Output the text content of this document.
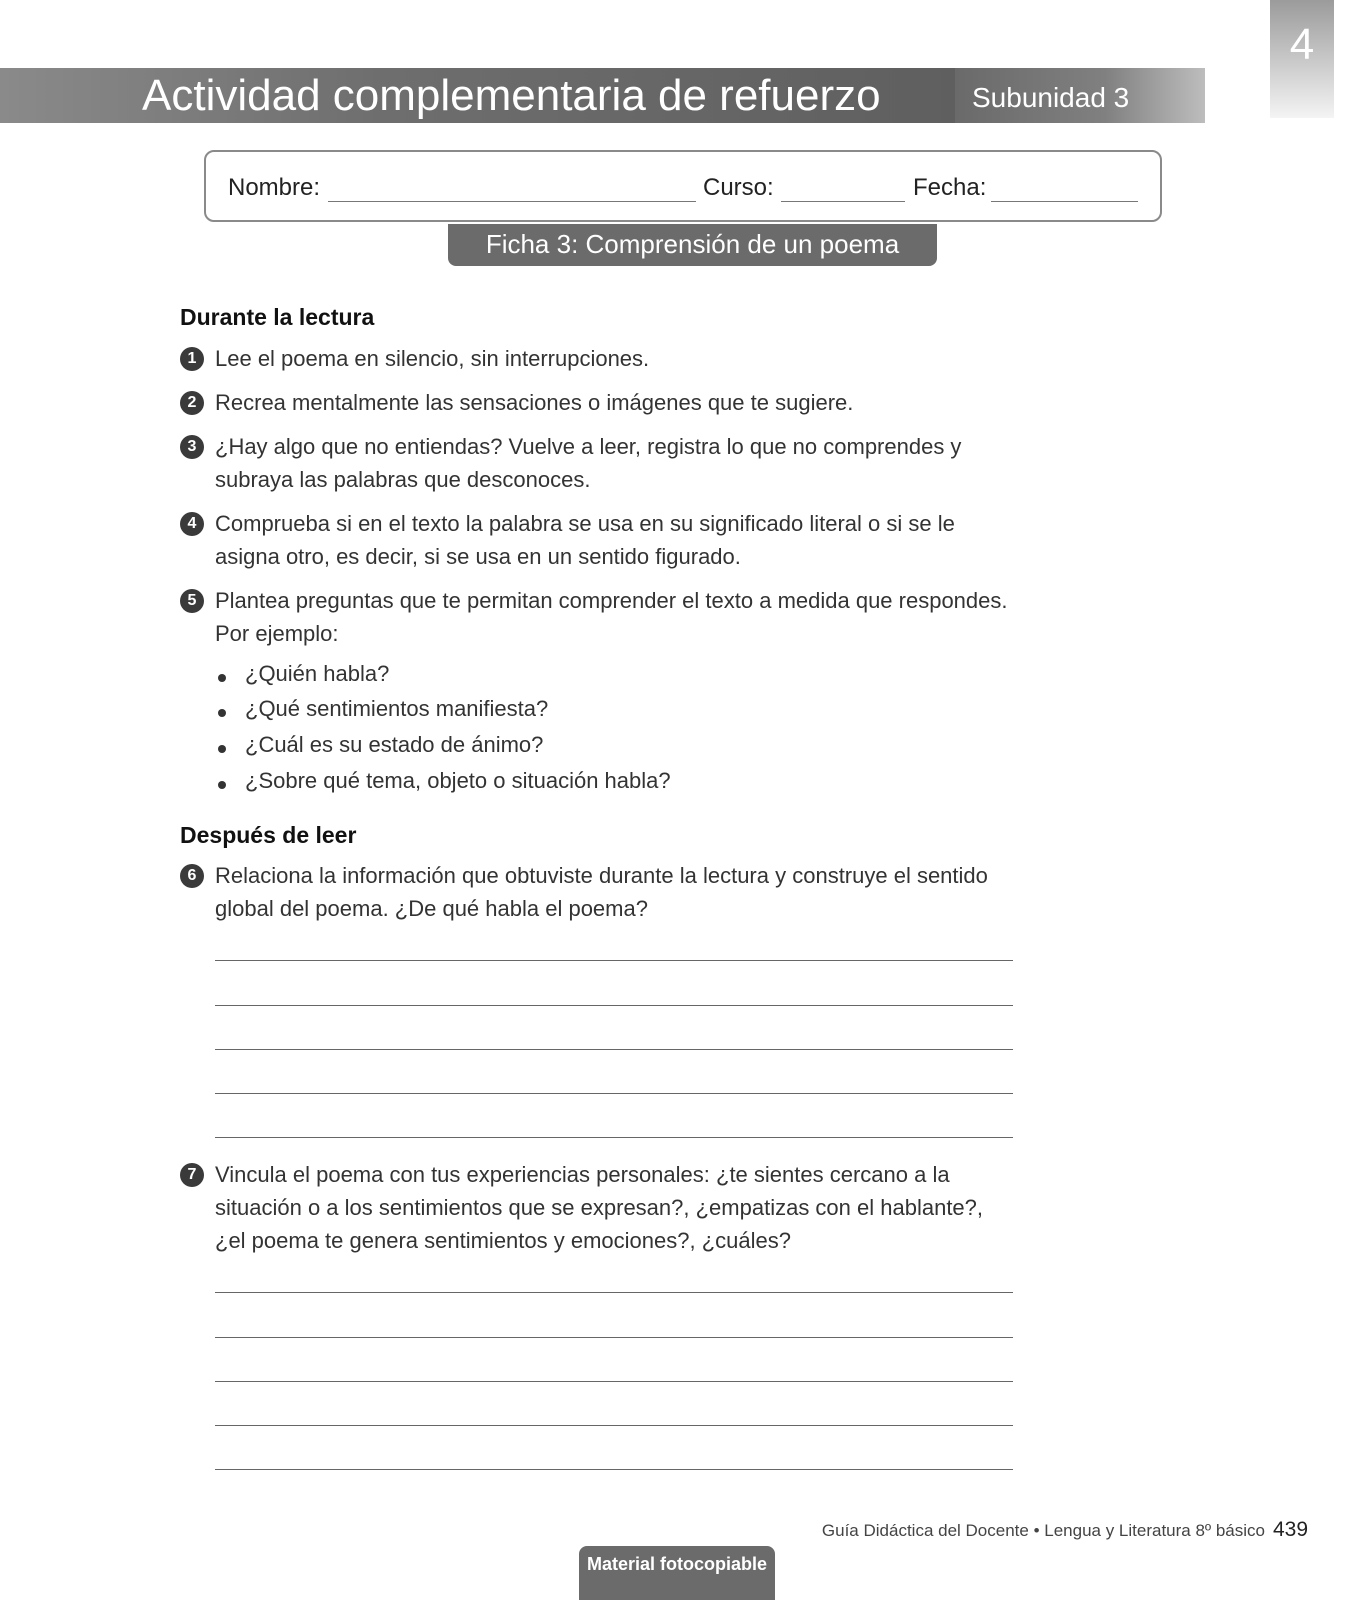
4
Actividad complementaria de refuerzo	Subunidad 3
Nombre:	Curso:	Fecha:
Ficha 3: Comprensión de un poema
Durante la lectura
1 Lee el poema en silencio, sin interrupciones.
2 Recrea mentalmente las sensaciones o imágenes que te sugiere.
3 ¿Hay algo que no entiendas? Vuelve a leer, registra lo que no comprendes y subraya las palabras que desconoces.
4 Comprueba si en el texto la palabra se usa en su significado literal o si se le asigna otro, es decir, si se usa en un sentido figurado.
5 Plantea preguntas que te permitan comprender el texto a medida que respondes. Por ejemplo:
¿Quién habla?
¿Qué sentimientos manifiesta?
¿Cuál es su estado de ánimo?
¿Sobre qué tema, objeto o situación habla?
Después de leer
6 Relaciona la información que obtuviste durante la lectura y construye el sentido global del poema. ¿De qué habla el poema?
7 Vincula el poema con tus experiencias personales: ¿te sientes cercano a la situación o a los sentimientos que se expresan?, ¿empatizas con el hablante?, ¿el poema te genera sentimientos y emociones?, ¿cuáles?
Guía Didáctica del Docente • Lengua y Literatura 8º básico 439
Material fotocopiable
